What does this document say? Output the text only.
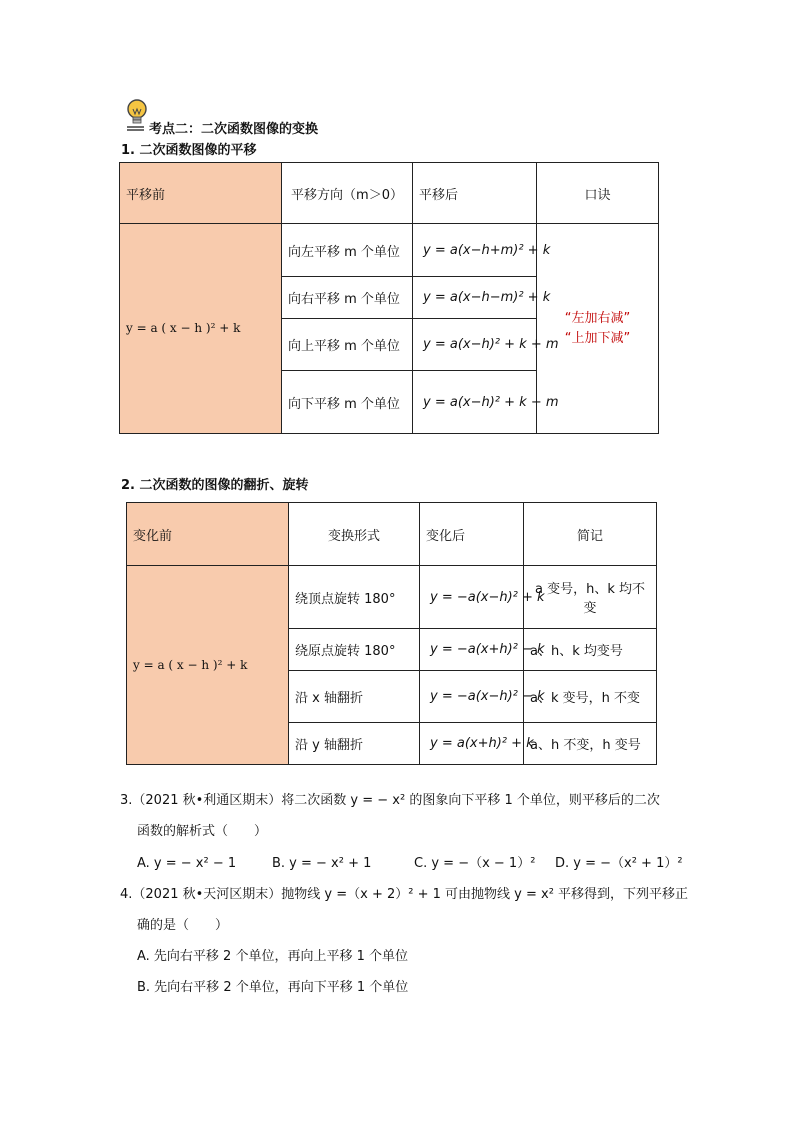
考点二：二次函数图像的变换
1. 二次函数图像的平移
平移前	平移方向（m＞0）	平移后	口诀
y = a ( x − h )² + k	向左平移 m 个单位	y = a(x−h+m)² + k	“左加右减”
“上加下减”

	向右平移 m 个单位	y = a(x−h−m)² + k	
	向上平移 m 个单位	y = a(x−h)² + k + m	
	向下平移 m 个单位	y = a(x−h)² + k − m	
2. 二次函数的图像的翻折、旋转
变化前	变换形式	变化后	简记
y = a ( x − h )² + k	绕顶点旋转 180°	y = −a(x−h)² + k	a 变号，h、k 均不变
	绕原点旋转 180°	y = −a(x+h)² − k	a、h、k 均变号
	沿 x 轴翻折	y = −a(x−h)² − k	a、k 变号，h 不变
	沿 y 轴翻折	y = a(x+h)² + k	a、h 不变，h 变号
3.（2021 秋•利通区期末）将二次函数 y = − x² 的图象向下平移 1 个单位，则平移后的二次
函数的解析式（　　）
A. y = − x² − 1	B. y = − x² + 1	C. y = −（x − 1）² D. y = −（x² + 1）²
4.（2021 秋•天河区期末）抛物线 y =（x + 2）² + 1 可由抛物线 y = x² 平移得到，下列平移正
确的是（　　）
A. 先向右平移 2 个单位，再向上平移 1 个单位
B. 先向右平移 2 个单位，再向下平移 1 个单位
